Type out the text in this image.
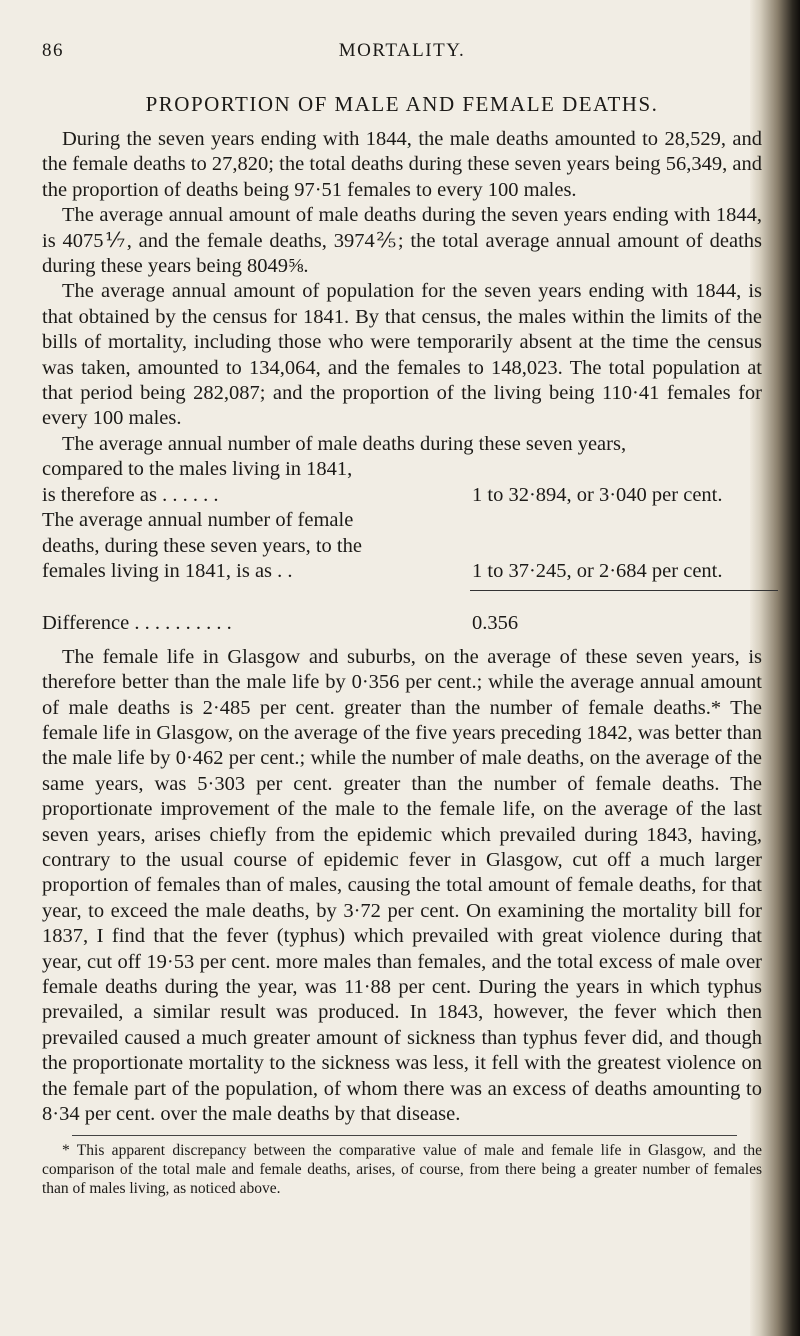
86	MORTALITY.
PROPORTION OF MALE AND FEMALE DEATHS.

During the seven years ending with 1844, the male deaths amounted to 28,529, and the female deaths to 27,820; the total deaths during these seven years being 56,349, and the proportion of deaths being 97·51 females to every 100 males.

The average annual amount of male deaths during the seven years ending with 1844, is 4075⅐, and the female deaths, 3974⅖; the total average annual amount of deaths during these years being 8049⅝.

The average annual amount of population for the seven years ending with 1844, is that obtained by the census for 1841. By that census, the males within the limits of the bills of mortality, including those who were temporarily absent at the time the census was taken, amounted to 134,064, and the females to 148,023. The total population at that period being 282,087; and the proportion of the living being 110·41 females for every 100 males.

The average annual number of male deaths during these seven years,

compared to the males living in 1841,
is therefore as . . . . . .	1 to 32·894, or 3·040 per cent.
The average annual number of female
deaths, during these seven years, to the
females living in 1841, is as . .	1 to 37·245, or 2·684 per cent.
Difference . . . . . . . . . .	0.356

The female life in Glasgow and suburbs, on the average of these seven years, is therefore better than the male life by 0·356 per cent.; while the average annual amount of male deaths is 2·485 per cent. greater than the number of female deaths.* The female life in Glasgow, on the average of the five years preceding 1842, was better than the male life by 0·462 per cent.; while the number of male deaths, on the average of the same years, was 5·303 per cent. greater than the number of female deaths. The proportionate improvement of the male to the female life, on the average of the last seven years, arises chiefly from the epidemic which prevailed during 1843, having, contrary to the usual course of epidemic fever in Glasgow, cut off a much larger proportion of females than of males, causing the total amount of female deaths, for that year, to exceed the male deaths, by 3·72 per cent. On examining the mortality bill for 1837, I find that the fever (typhus) which prevailed with great violence during that year, cut off 19·53 per cent. more males than females, and the total excess of male over female deaths during the year, was 11·88 per cent. During the years in which typhus prevailed, a similar result was produced. In 1843, however, the fever which then prevailed caused a much greater amount of sickness than typhus fever did, and though the proportionate mortality to the sickness was less, it fell with the greatest violence on the female part of the population, of whom there was an excess of deaths amounting to 8·34 per cent. over the male deaths by that disease.

* This apparent discrepancy between the comparative value of male and female life in Glasgow, and the comparison of the total male and female deaths, arises, of course, from there being a greater number of females than of males living, as noticed above.
